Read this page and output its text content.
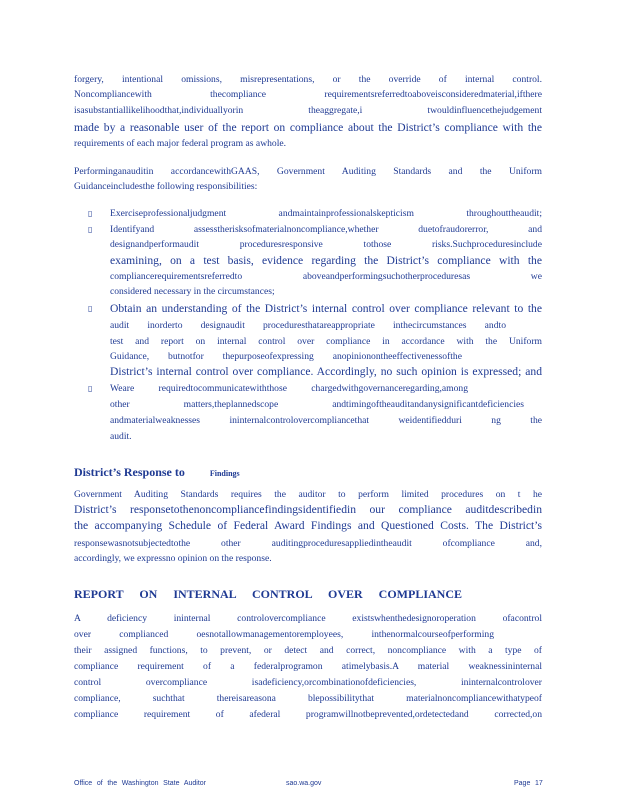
forgery, intentional omissions, misrepresentations, or the override of internal control.
Noncompliancewith thecompliance requirementsreferredtoaboveisconsideredmaterial,ifthere
isasubstantiallikelihoodthat,individuallyorin theaggregate,i twouldinfluencethejudgement
made by a reasonable user of the report on compliance about the District’s compliance with the
requirements of each major federal program as awhole.
Performinganauditin accordancewithGAAS, Government Auditing Standards and the Uniform
Guidanceincludesthe following responsibilities:
▯ Exerciseprofessionaljudgment andmaintainprofessionalskepticism throughouttheaudit;
▯ Identifyand assesstherisksofmaterialnoncompliance,whether duetofraudorerror, and
designandperformaudit proceduresresponsive tothose risks.Suchproceduresinclude
examining, on a test basis, evidence regarding the District’s compliance with the
compliancerequirementsreferredto aboveandperformingsuchotherproceduresas we
considered necessary in the circumstances;
▯ Obtain an understanding of the District’s internal control over compliance relevant to the
audit inorderto designaudit proceduresthatareappropriate inthecircumstances andto
test and report on internal control over compliance in accordance with the Uniform
Guidance, butnotfor thepurposeofexpressing anopinionontheeffectivenessofthe
District’s internal control over compliance. Accordingly, no such opinion is expressed; and
▯ Weare requiredtocommunicatewiththose chargedwithgovernanceregarding,among
other matters,theplannedscope andtimingoftheauditandanysignificantdeficiencies
andmaterialweaknesses ininternalcontrolovercompliancethat weidentifiedduri ng the
audit.
District’s Response to	Findings
Government Auditing Standards requires the auditor to perform limited procedures on t he
District’s responsetothenoncompliancefindingsidentifiedin our compliance auditdescribedin
the accompanying Schedule of Federal Award Findings and Questioned Costs. The District’s
responsewasnotsubjectedtothe other auditingproceduresappliedintheaudit ofcompliance and,
accordingly, we expressno opinion on the response.
REPORT ON INTERNAL CONTROL OVER COMPLIANCE
A deficiency ininternal controlovercompliance existswhenthedesignoroperation ofacontrol
over complianced oesnotallowmanagementoremployees, inthenormalcourseofperforming
their assigned functions, to prevent, or detect and correct, noncompliance with a type of
compliance requirement of a federalprogramon atimelybasis.A material weaknessininternal
control overcompliance isadeficiency,orcombinationofdeficiencies, ininternalcontrolover
compliance, suchthat thereisareasona blepossibilitythat materialnoncompliancewithatypeof
compliance requirement of afederal programwillnotbeprevented,ordetectedand corrected,on
Office of the Washington State Auditor	sao.wa.gov	Page 17
